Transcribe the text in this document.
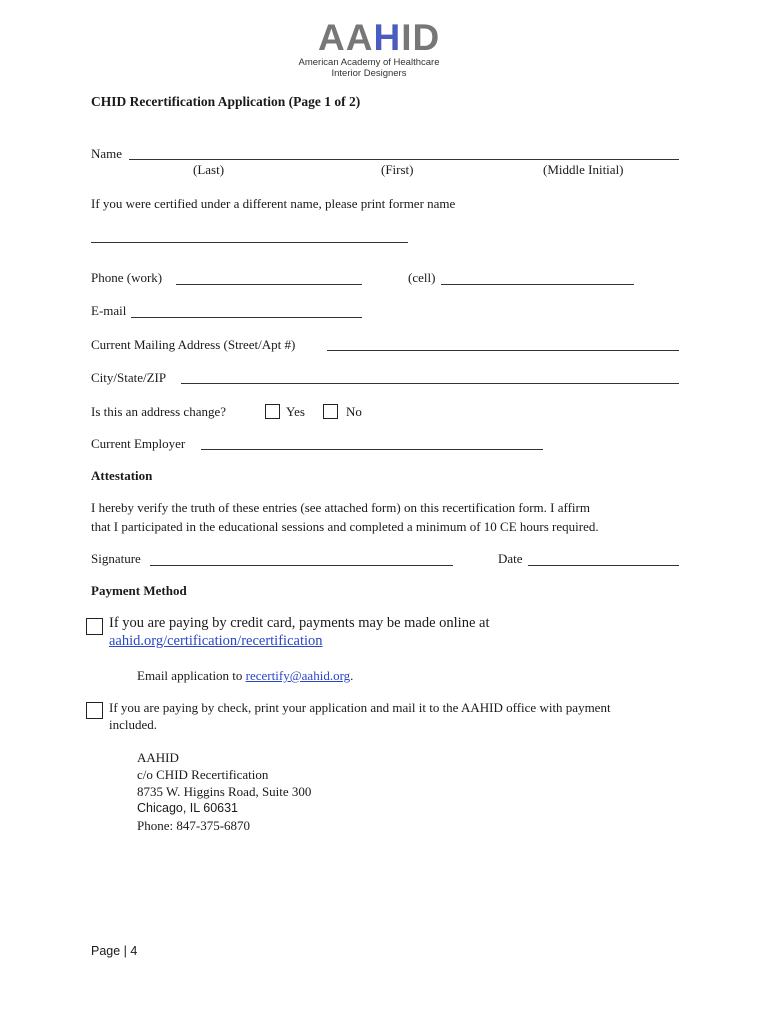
AAHID
American Academy of Healthcare
Interior Designers
CHID Recertification Application (Page 1 of 2)
Name
(Last)	(First)	(Middle Initial)
If you were certified under a different name, please print former name
Phone (work)	(cell)
E-mail
Current Mailing Address (Street/Apt #)
City/State/ZIP
Is this an address change?	Yes	No
Current Employer
Attestation
I hereby verify the truth of these entries (see attached form) on this recertification form. I affirm
that I participated in the educational sessions and completed a minimum of 10 CE hours required.
Signature	Date
Payment Method
If you are paying by credit card, payments may be made online at
aahid.org/certification/recertification
Email application to recertify@aahid.org.
If you are paying by check, print your application and mail it to the AAHID office with payment
included.
AAHID
c/o CHID Recertification
8735 W. Higgins Road, Suite 300
Chicago, IL 60631
Phone: 847-375-6870
Page | 4
